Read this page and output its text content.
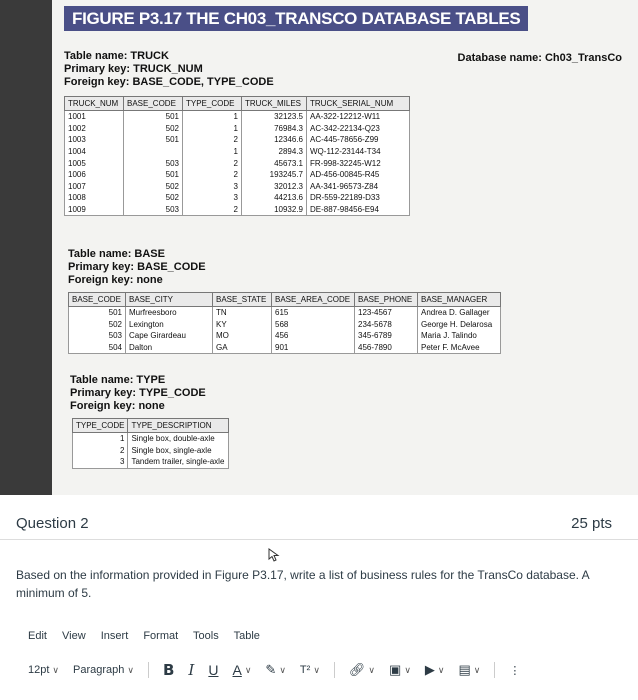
FIGURE P3.17 THE CH03_TRANSCO DATABASE TABLES
Database name: Ch03_TransCo
Table name: TRUCK
Primary key: TRUCK_NUM
Foreign key: BASE_CODE, TYPE_CODE
TRUCK_NUM	BASE_CODE	TYPE_CODE	TRUCK_MILES	TRUCK_SERIAL_NUM
1001	501	1	32123.5	AA-322-12212-W11
1002	502	1	76984.3	AC-342-22134-Q23
1003	501	2	12346.6	AC-445-78656-Z99
1004		1	2894.3	WQ-112-23144-T34
1005	503	2	45673.1	FR-998-32245-W12
1006	501	2	193245.7	AD-456-00845-R45
1007	502	3	32012.3	AA-341-96573-Z84
1008	502	3	44213.6	DR-559-22189-D33
1009	503	2	10932.9	DE-887-98456-E94
Table name: BASE
Primary key: BASE_CODE
Foreign key: none
BASE_CODE	BASE_CITY	BASE_STATE	BASE_AREA_CODE	BASE_PHONE	BASE_MANAGER
501	Murfreesboro	TN	615	123-4567	Andrea D. Gallager
502	Lexington	KY	568	234-5678	George H. Delarosa
503	Cape Girardeau	MO	456	345-6789	Maria J. Talindo
504	Dalton	GA	901	456-7890	Peter F. McAvee
Table name: TYPE
Primary key: TYPE_CODE
Foreign key: none
TYPE_CODE	TYPE_DESCRIPTION
1	Single box, double-axle
2	Single box, single-axle
3	Tandem trailer, single-axle
Question 2	25 pts
Based on the information provided in Figure P3.17, write a list of business rules for the TransCo database. A minimum of 5.
Edit View Insert Format Tools Table
12pt ∨ Paragraph ∨ B I U A ∨ ✎ ∨ T² ∨ 🔗︎ ∨ ▣ ∨ ▶ ∨ ▤ ∨	⋮
